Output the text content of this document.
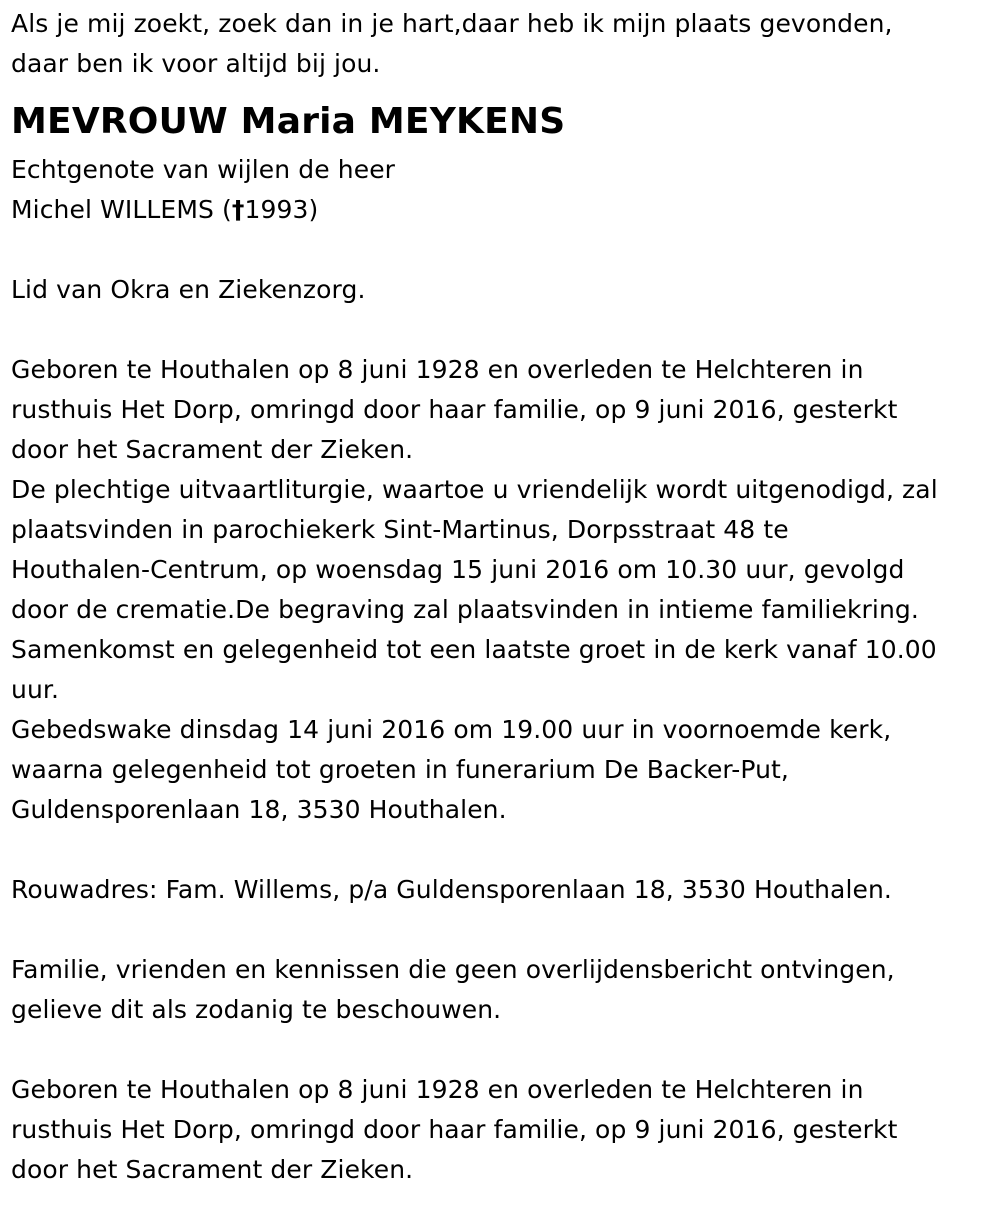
Als je mij zoekt, zoek dan in je hart,daar heb ik mijn plaats gevonden,
daar ben ik voor altijd bij jou.

MEVROUW Maria MEYKENS

Echtgenote van wijlen de heer
Michel WILLEMS (†1993)

Lid van Okra en Ziekenzorg.

Geboren te Houthalen op 8 juni 1928 en overleden te Helchteren in
rusthuis Het Dorp, omringd door haar familie, op 9 juni 2016, gesterkt
door het Sacrament der Zieken.

De plechtige uitvaartliturgie, waartoe u vriendelijk wordt uitgenodigd, zal
plaatsvinden in parochiekerk Sint-Martinus, Dorpsstraat 48 te
Houthalen-Centrum, op woensdag 15 juni 2016 om 10.30 uur, gevolgd
door de crematie.De begraving zal plaatsvinden in intieme familiekring.
Samenkomst en gelegenheid tot een laatste groet in de kerk vanaf 10.00
uur.

Gebedswake dinsdag 14 juni 2016 om 19.00 uur in voornoemde kerk,
waarna gelegenheid tot groeten in funerarium De Backer-Put,
Guldensporenlaan 18, 3530 Houthalen.

Rouwadres: Fam. Willems, p/a Guldensporenlaan 18, 3530 Houthalen.

Familie, vrienden en kennissen die geen overlijdensbericht ontvingen,
gelieve dit als zodanig te beschouwen.

Geboren te Houthalen op 8 juni 1928 en overleden te Helchteren in
rusthuis Het Dorp, omringd door haar familie, op 9 juni 2016, gesterkt
door het Sacrament der Zieken.
